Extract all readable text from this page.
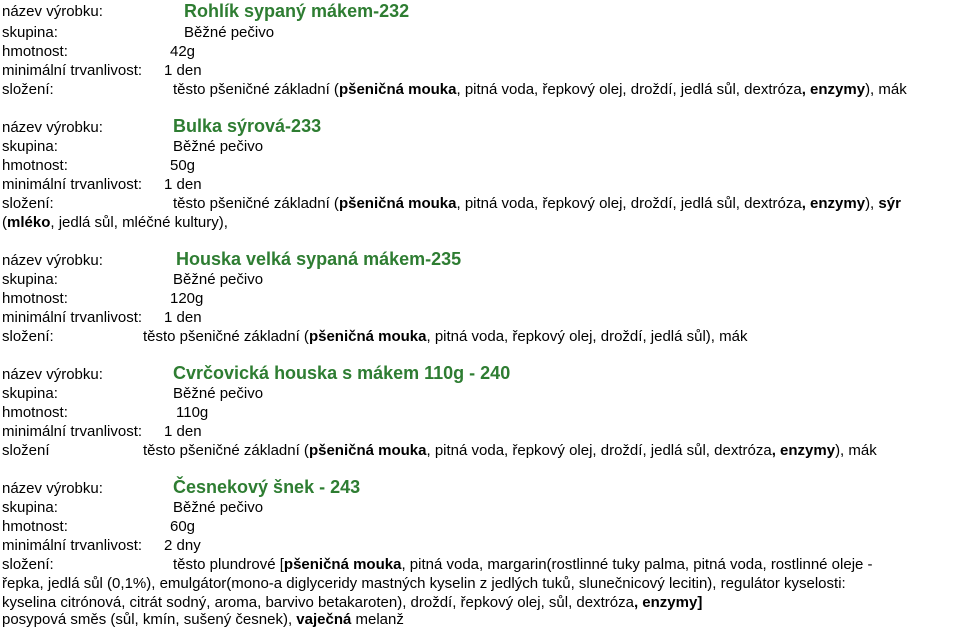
název výrobku:	Rohlík sypaný mákem-232
skupina:	Běžné pečivo
hmotnost:	42g
minimální trvanlivost: 1 den
složení:	těsto pšeničné základní (pšeničná mouka, pitná voda, řepkový olej, droždí, jedlá sůl, dextróza, enzymy), mák
název výrobku:	Bulka sýrová-233
skupina:	Běžné pečivo
hmotnost:	50g
minimální trvanlivost: 1 den
složení:	těsto pšeničné základní (pšeničná mouka, pitná voda, řepkový olej, droždí, jedlá sůl, dextróza, enzymy), sýr
(mléko, jedlá sůl, mléčné kultury),
název výrobku:	Houska velká sypaná mákem-235
skupina:	Běžné pečivo
hmotnost:	120g
minimální trvanlivost: 1 den
složení:	těsto pšeničné základní (pšeničná mouka, pitná voda, řepkový olej, droždí, jedlá sůl), mák
název výrobku:	Cvrčovická houska s mákem 110g - 240
skupina:	Běžné pečivo
hmotnost:	110g
minimální trvanlivost: 1 den
složení	těsto pšeničné základní (pšeničná mouka, pitná voda, řepkový olej, droždí, jedlá sůl, dextróza, enzymy), mák
název výrobku:	Česnekový šnek - 243
skupina:	Běžné pečivo
hmotnost:	60g
minimální trvanlivost: 2 dny
složení:	těsto plundrové [pšeničná mouka, pitná voda, margarin(rostlinné tuky palma, pitná voda, rostlinné oleje -
řepka, jedlá sůl (0,1%), emulgátor(mono-a diglyceridy mastných kyselin z jedlých tuků, slunečnicový lecitin), regulátor kyselosti:
kyselina citrónová, citrát sodný, aroma, barvivo betakaroten), droždí, řepkový olej, sůl, dextróza, enzymy]
posypová směs (sůl, kmín, sušený česnek), vaječná melanž
